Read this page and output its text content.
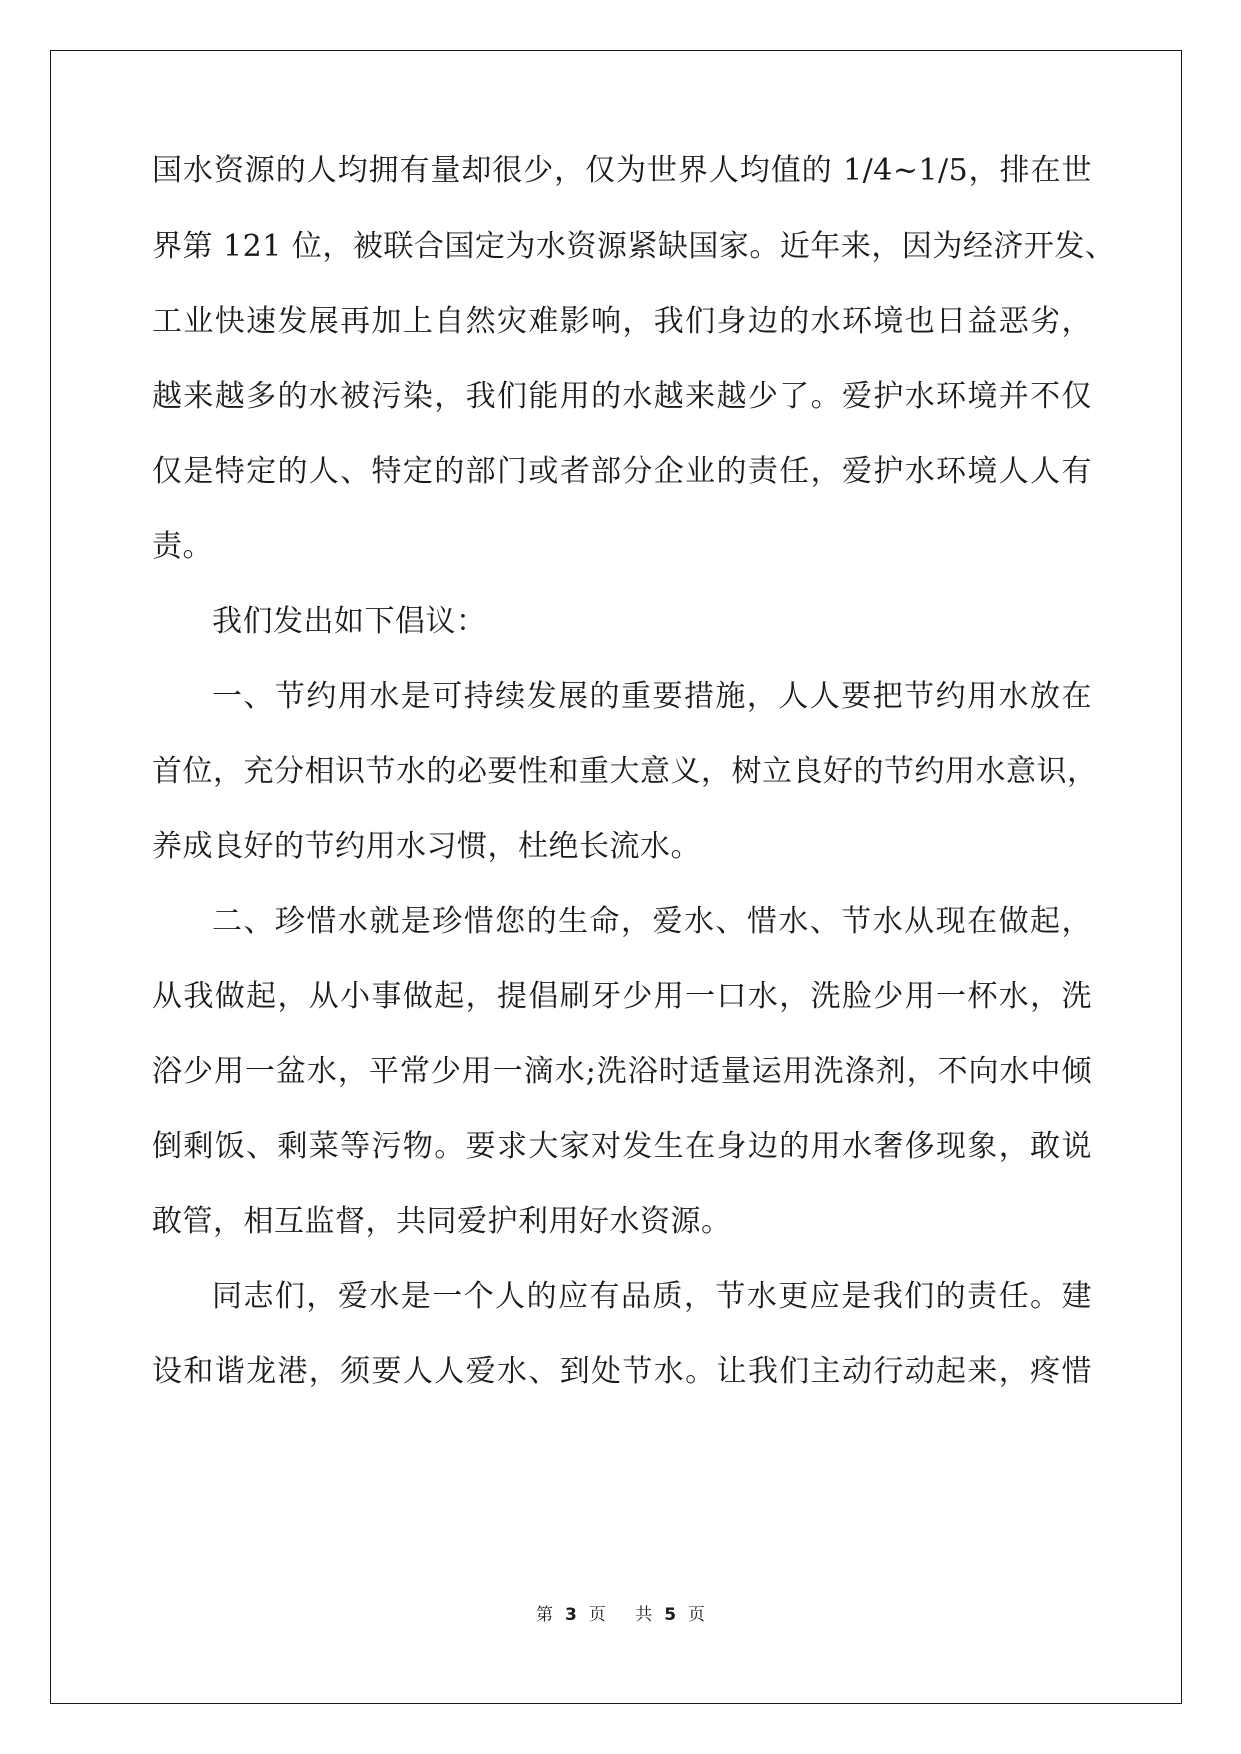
国水资源的人均拥有量却很少，仅为世界人均值的 1/4~1/5，排在世
界第 121 位，被联合国定为水资源紧缺国家。近年来，因为经济开发、
工业快速发展再加上自然灾难影响，我们身边的水环境也日益恶劣，
越来越多的水被污染，我们能用的水越来越少了。爱护水环境并不仅
仅是特定的人、特定的部门或者部分企业的责任，爱护水环境人人有
责。
我们发出如下倡议：
一、节约用水是可持续发展的重要措施，人人要把节约用水放在
首位，充分相识节水的必要性和重大意义，树立良好的节约用水意识，
养成良好的节约用水习惯，杜绝长流水。
二、珍惜水就是珍惜您的生命，爱水、惜水、节水从现在做起，
从我做起，从小事做起，提倡刷牙少用一口水，洗脸少用一杯水，洗
浴少用一盆水，平常少用一滴水;洗浴时适量运用洗涤剂，不向水中倾
倒剩饭、剩菜等污物。要求大家对发生在身边的用水奢侈现象，敢说
敢管，相互监督，共同爱护利用好水资源。
同志们，爱水是一个人的应有品质，节水更应是我们的责任。建
设和谐龙港，须要人人爱水、到处节水。让我们主动行动起来，疼惜
第 3 页 共 5 页
